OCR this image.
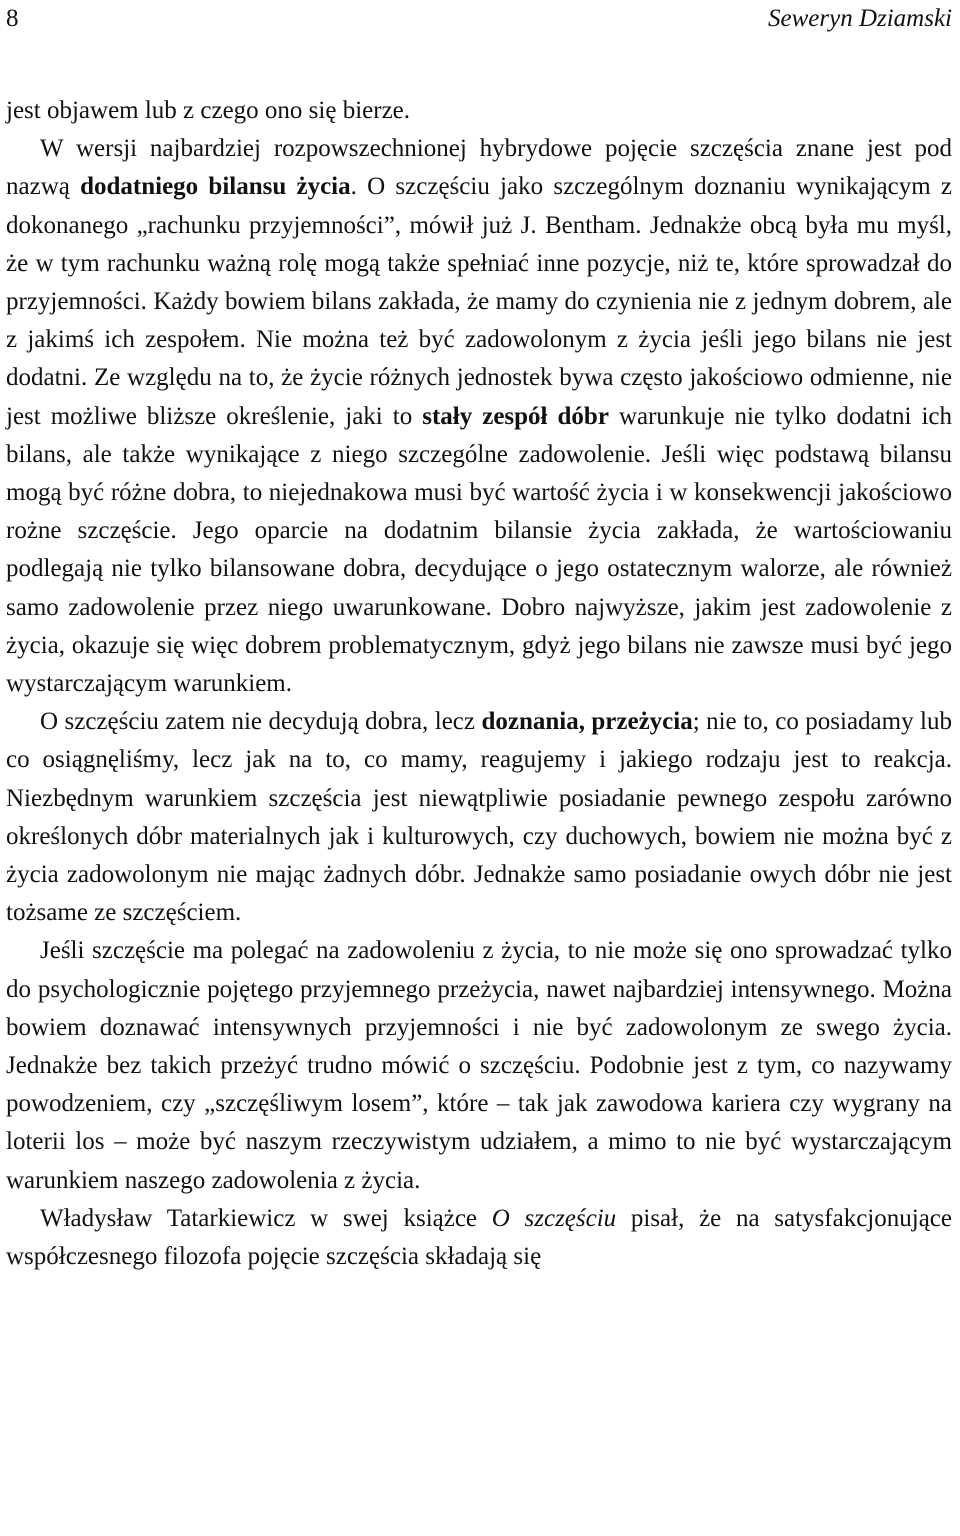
8	Seweryn Dziamski

jest objawem lub z czego ono się bierze.

W wersji najbardziej rozpowszechnionej hybrydowe pojęcie szczęścia znane jest pod nazwą dodatniego bilansu życia. O szczęściu jako szczególnym doznaniu wynikającym z dokonanego „rachunku przyjemności”, mówił już J. Bentham. Jednakże obcą była mu myśl, że w tym rachunku ważną rolę mogą także spełniać inne pozycje, niż te, które sprowadzał do przyjemności. Każdy bowiem bilans zakłada, że mamy do czynienia nie z jednym dobrem, ale z jakimś ich zespołem. Nie można też być zadowolonym z życia jeśli jego bilans nie jest dodatni. Ze względu na to, że życie różnych jednostek bywa często jakościowo odmienne, nie jest możliwe bliższe określenie, jaki to stały zespół dóbr warunkuje nie tylko dodatni ich bilans, ale także wynikające z niego szczególne zadowolenie. Jeśli więc podstawą bilansu mogą być różne dobra, to niejednakowa musi być wartość życia i w konsekwencji jakościowo rożne szczęście. Jego oparcie na dodatnim bilansie życia zakłada, że wartościowaniu podlegają nie tylko bilansowane dobra, decydujące o jego ostatecznym walorze, ale również samo zadowolenie przez niego uwarunkowane. Dobro najwyższe, jakim jest zadowolenie z życia, okazuje się więc dobrem problematycznym, gdyż jego bilans nie zawsze musi być jego wystarczającym warunkiem.

O szczęściu zatem nie decydują dobra, lecz doznania, przeżycia; nie to, co posiadamy lub co osiągnęliśmy, lecz jak na to, co mamy, reagujemy i jakiego rodzaju jest to reakcja. Niezbędnym warunkiem szczęścia jest niewątpliwie posiadanie pewnego zespołu zarówno określonych dóbr materialnych jak i kulturowych, czy duchowych, bowiem nie można być z życia zadowolonym nie mając żadnych dóbr. Jednakże samo posiadanie owych dóbr nie jest tożsame ze szczęściem.

Jeśli szczęście ma polegać na zadowoleniu z życia, to nie może się ono sprowadzać tylko do psychologicznie pojętego przyjemnego przeżycia, nawet najbardziej intensywnego. Można bowiem doznawać intensywnych przyjemności i nie być zadowolonym ze swego życia. Jednakże bez takich przeżyć trudno mówić o szczęściu. Podobnie jest z tym, co nazywamy powodzeniem, czy „szczęśliwym losem”, które – tak jak zawodowa kariera czy wygrany na loterii los – może być naszym rzeczywistym udziałem, a mimo to nie być wystarczającym warunkiem naszego zadowolenia z życia.

Władysław Tatarkiewicz w swej książce O szczęściu pisał, że na satysfakcjonujące współczesnego filozofa pojęcie szczęścia składają się
